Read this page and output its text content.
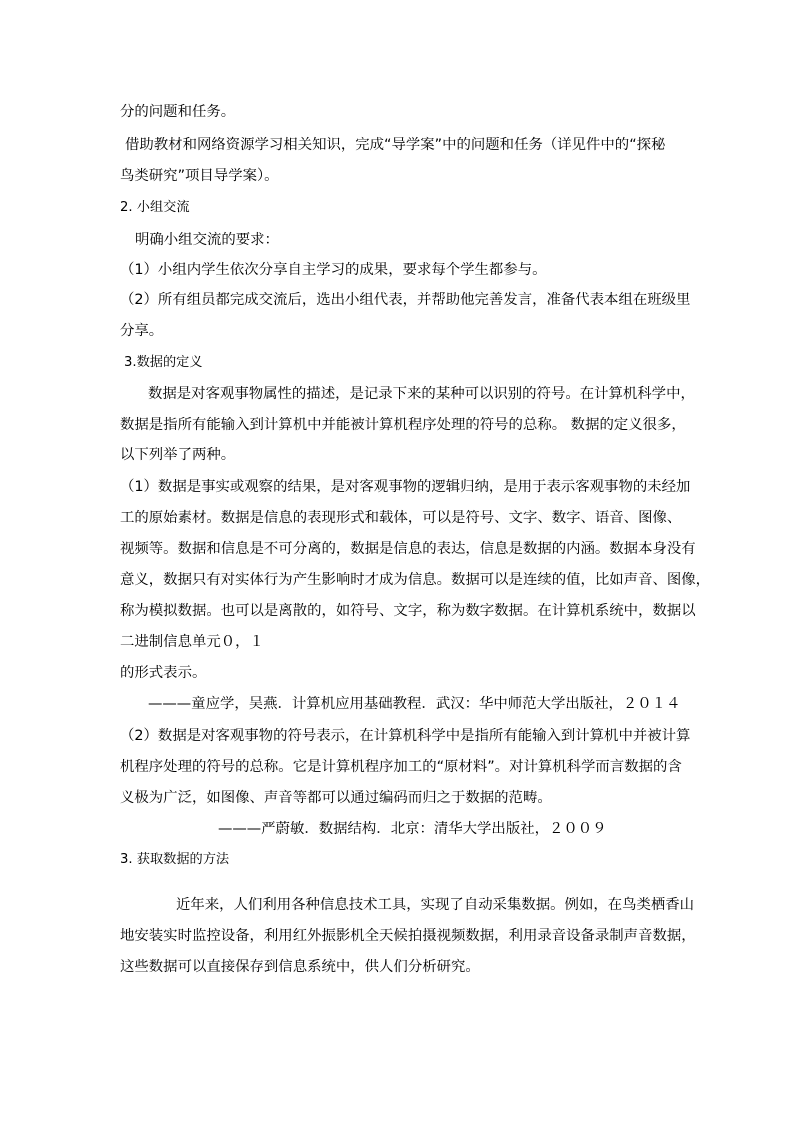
分的问题和任务。
借助教材和网络资源学习相关知识，完成“导学案”中的问题和任务（详见件中的“探秘
鸟类研究”项目导学案）。
2. 小组交流
明确小组交流的要求：
（1）小组内学生依次分享自主学习的成果，要求每个学生都参与。
（2）所有组员都完成交流后，选出小组代表，并帮助他完善发言，准备代表本组在班级里
分享。
3.数据的定义
数据是对客观事物属性的描述，是记录下来的某种可以识别的符号。在计算机科学中，
数据是指所有能输入到计算机中并能被计算机程序处理的符号的总称。 数据的定义很多，
以下列举了两种。
（1）数据是事实或观察的结果，是对客观事物的逻辑归纳，是用于表示客观事物的未经加
工的原始素材。数据是信息的表现形式和载体，可以是符号、文字、数字、语音、图像、
视频等。数据和信息是不可分离的，数据是信息的表达，信息是数据的内涵。数据本身没有
意义，数据只有对实体行为产生影响时才成为信息。数据可以是连续的值，比如声音、图像，
称为模拟数据。也可以是离散的，如符号、文字，称为数字数据。在计算机系统中，数据以
二进制信息单元０，１
的形式表示。
———童应学，吴燕．计算机应用基础教程．武汉：华中师范大学出版社，２０１４
（2）数据是对客观事物的符号表示，在计算机科学中是指所有能输入到计算机中并被计算
机程序处理的符号的总称。它是计算机程序加工的“原材料”。对计算机科学而言数据的含
义极为广泛，如图像、声音等都可以通过编码而归之于数据的范畴。
———严蔚敏．数据结构．北京：清华大学出版社，２００９
3. 获取数据的方法
近年来，人们利用各种信息技术工具，实现了自动采集数据。例如，在鸟类栖香山
地安装实时监控设备，利用红外振影机全天候拍摄视频数据，利用录音设备录制声音数据，
这些数据可以直接保存到信息系统中，供人们分析研究。
